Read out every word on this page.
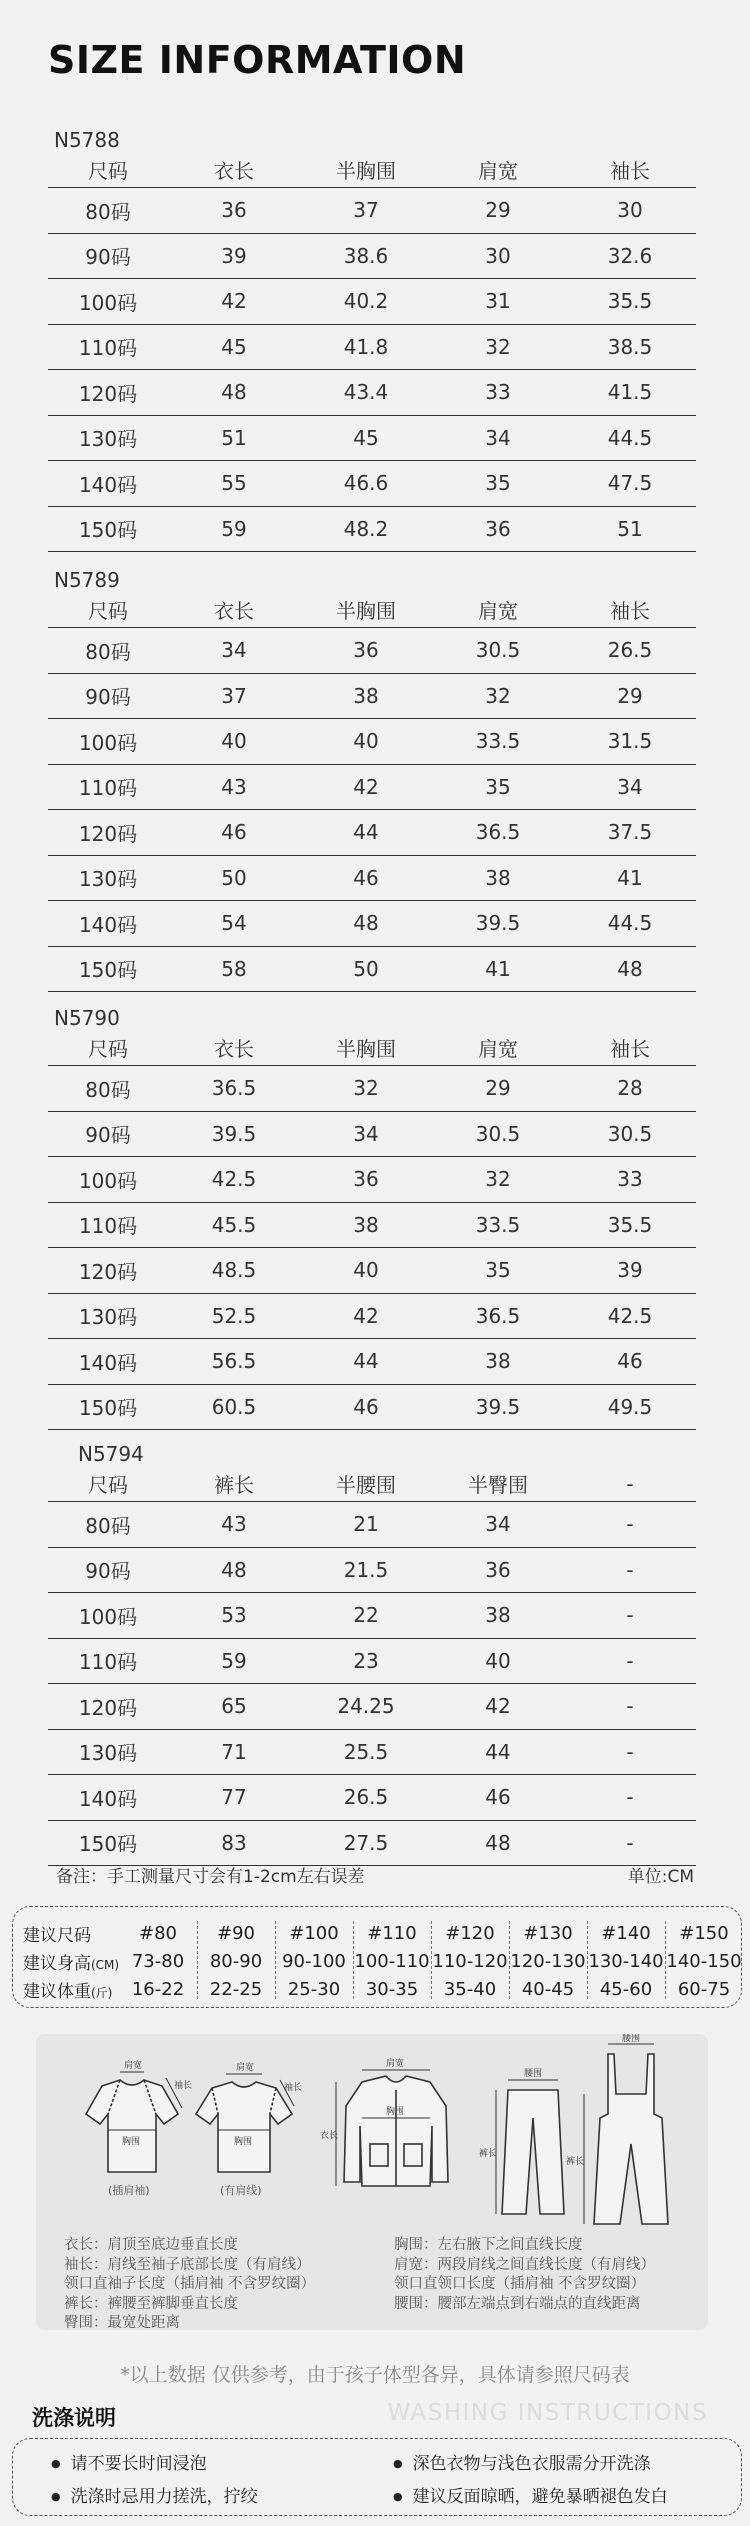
SIZE INFORMATION
N5788
尺码	衣长	半胸围	肩宽	袖长
80码	36	37	29	30
90码	39	38.6	30	32.6
100码	42	40.2	31	35.5
110码	45	41.8	32	38.5
120码	48	43.4	33	41.5
130码	51	45	34	44.5
140码	55	46.6	35	47.5
150码	59	48.2	36	51
N5789
尺码	衣长	半胸围	肩宽	袖长
80码	34	36	30.5	26.5
90码	37	38	32	29
100码	40	40	33.5	31.5
110码	43	42	35	34
120码	46	44	36.5	37.5
130码	50	46	38	41
140码	54	48	39.5	44.5
150码	58	50	41	48
N5790
尺码	衣长	半胸围	肩宽	袖长
80码	36.5	32	29	28
90码	39.5	34	30.5	30.5
100码	42.5	36	32	33
110码	45.5	38	33.5	35.5
120码	48.5	40	35	39
130码	52.5	42	36.5	42.5
140码	56.5	44	38	46
150码	60.5	46	39.5	49.5
N5794
尺码	裤长	半腰围	半臀围	-
80码	43	21	34	-
90码	48	21.5	36	-
100码	53	22	38	-
110码	59	23	40	-
120码	65	24.25	42	-
130码	71	25.5	44	-
140码	77	26.5	46	-
150码	83	27.5	48	-
备注：手工测量尺寸会有1-2cm左右误差	单位:CM
建议尺码	#80	#90	#100	#110	#120	#130	#140	#150
建议身高(CM) 73-80	80-90	90-100 100-110 110-120 120-130 130-140 140-150
建议体重(斤)	16-22	22-25	25-30	30-35	35-40	40-45	45-60	60-75
肩宽
胸围
袖长
肩宽
胸围
袖长
肩宽
胸围
衣长
腰围
裤长
腰围
裤长
(插肩袖)	(有肩线)
衣长：肩顶至底边垂直长度
袖长：肩线至袖子底部长度（有肩线）
领口直袖子长度（插肩袖 不含罗纹圈）
裤长：裤腰至裤脚垂直长度
臀围：最宽处距离
胸围：左右腋下之间直线长度
肩宽：两段肩线之间直线长度（有肩线）
领口直领口长度（插肩袖 不含罗纹圈）
腰围：腰部左端点到右端点的直线距离
*以上数据 仅供参考，由于孩子体型各异，具体请参照尺码表
洗涤说明	WASHING INSTRUCTIONS
● 请不要长时间浸泡	● 深色衣物与浅色衣服需分开洗涤
● 洗涤时忌用力搓洗，拧绞	● 建议反面晾晒，避免暴晒褪色发白
